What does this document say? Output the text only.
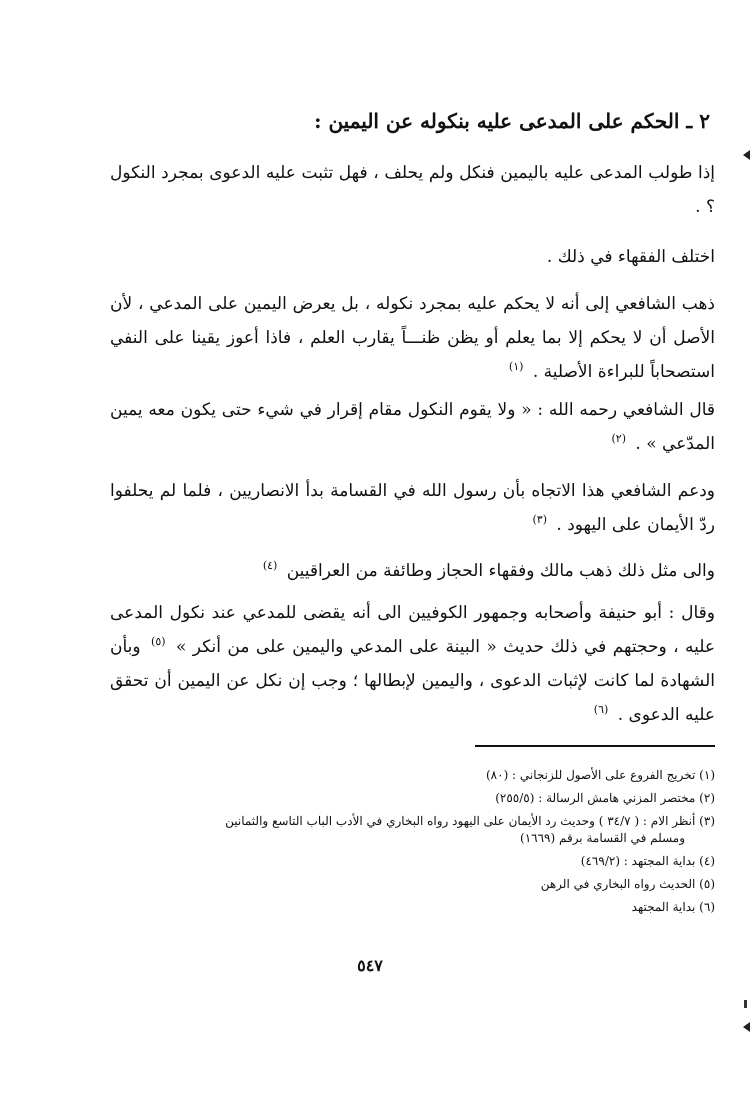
٢ ـ الحكم على المدعى عليه بنكوله عن اليمين :
إذا طولب المدعى عليه باليمين فنكل ولم يحلف ، فهل تثبت عليه الدعوى بمجرد النكول ؟ .
اختلف الفقهاء في ذلك .
ذهب الشافعي إلى أنه لا يحكم عليه بمجرد نكوله ، بل يعرض اليمين على المدعي ، لأن الأصل أن لا يحكم إلا بما يعلم أو يظن ظنـــاً يقارب العلم ، فاذا أعوز يقينا على النفي استصحاباً للبراءة الأصلية . $^{(١)}$
قال الشافعي رحمه الله : « ولا يقوم النكول مقام إقرار في شيء حتى يكون معه يمين المدّعي » . $^{(٢)}$
ودعم الشافعي هذا الاتجاه بأن رسول الله في القسامة بدأ الانصاريين ، فلما لم يحلفوا ردّ الأيمان على اليهود . $^{(٣)}$
والى مثل ذلك ذهب مالك وفقهاء الحجاز وطائفة من العراقيين $^{(٤)}$
وقال : أبو حنيفة وأصحابه وجمهور الكوفيين الى أنه يقضى للمدعي عند نكول المدعى عليه ، وحجتهم في ذلك حديث « البينة على المدعي واليمين على من أنكر » $^{(٥)}$ وبأن الشهادة لما كانت لإثبات الدعوى ، واليمين لإبطالها ؛ وجب إن نكل عن اليمين أن تحقق عليه الدعوى . $^{(٦)}$
(١) تخريج الفروع على الأصول للزنجاني : (٨٠)
(٢) مختصر المزني هامش الرسالة : (٢٥٥/٥)
(٣) أنظر الام : ( ٣٤/٧ ) وحديث رد الأيمان على اليهود رواه البخاري في الأدب الباب التاسع والثمانين
ومسلم في القسامة برقم (١٦٦٩)
(٤) بداية المجتهد : (٤٦٩/٢)
(٥) الحديث رواه البخاري في الرهن
(٦) بداية المجتهد
٥٤٧
